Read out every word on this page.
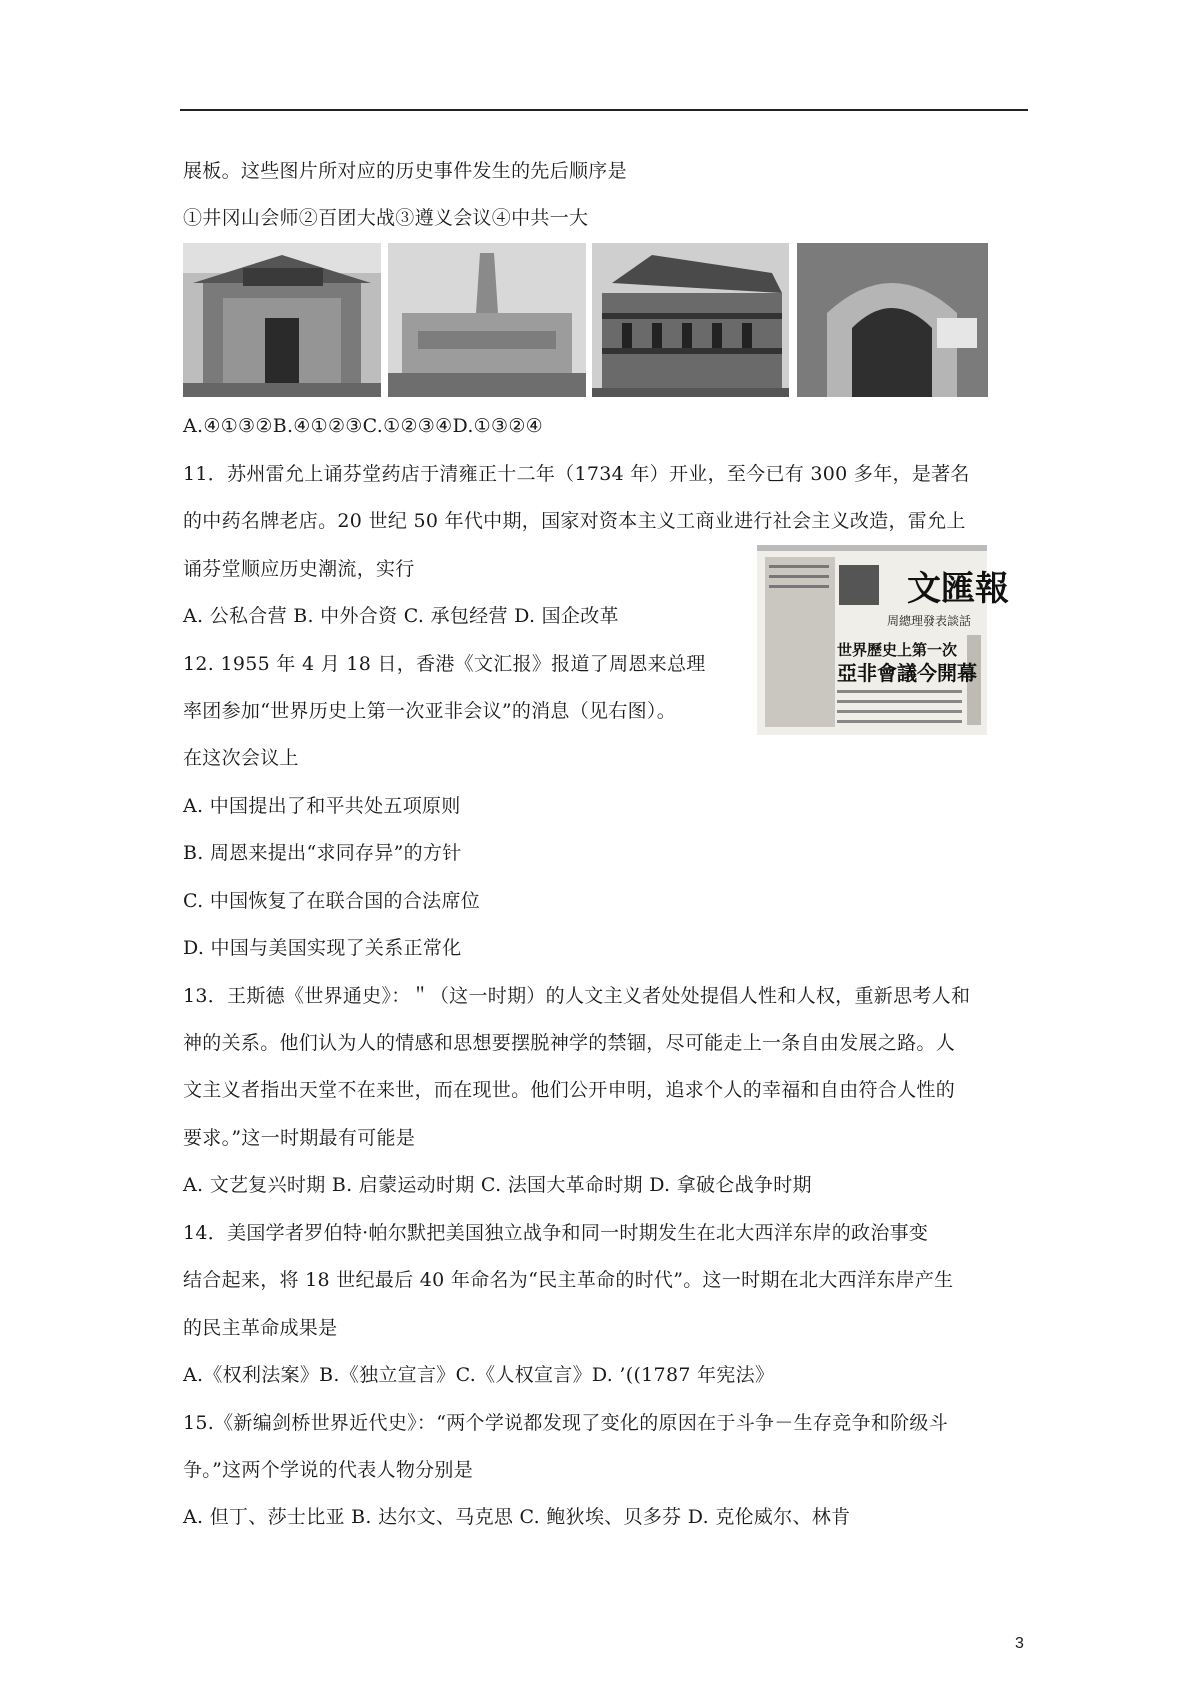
展板。这些图片所对应的历史事件发生的先后顺序是
①井冈山会师②百团大战③遵义会议④中共一大
A.④①③②B.④①②③C.①②③④D.①③②④
11．苏州雷允上诵芬堂药店于清雍正十二年（1734 年）开业，至今已有 300 多年，是著名
的中药名牌老店。20 世纪 50 年代中期，国家对资本主义工商业进行社会主义改造，雷允上
诵芬堂顺应历史潮流，实行
A. 公私合营 B. 中外合资 C. 承包经营 D. 国企改革
12. 1955 年 4 月 18 日，香港《文汇报》报道了周恩来总理
率团参加“世界历史上第一次亚非会议”的消息（见右图）。
在这次会议上
文匯報
周總理發表談話
世界歷史上第一次
亞非會議今開幕
A. 中国提出了和平共处五项原则
B. 周恩来提出“求同存异”的方针
C. 中国恢复了在联合国的合法席位
D. 中国与美国实现了关系正常化
13．王斯德《世界通史》：＂（这一时期）的人文主义者处处提倡人性和人权，重新思考人和
神的关系。他们认为人的情感和思想要摆脱神学的禁锢，尽可能走上一条自由发展之路。人
文主义者指出天堂不在来世，而在现世。他们公开申明，追求个人的幸福和自由符合人性的
要求。”这一时期最有可能是
A. 文艺复兴时期 B. 启蒙运动时期 C. 法国大革命时期 D. 拿破仑战争时期
14．美国学者罗伯特·帕尔默把美国独立战争和同一时期发生在北大西洋东岸的政治事变
结合起来，将 18 世纪最后 40 年命名为“民主革命的时代”。这一时期在北大西洋东岸产生
的民主革命成果是
A.《权利法案》B.《独立宣言》C.《人权宣言》D. ’((1787 年宪法》
15.《新编剑桥世界近代史》：“两个学说都发现了变化的原因在于斗争－生存竞争和阶级斗
争。”这两个学说的代表人物分别是
A. 但丁、莎士比亚 B. 达尔文、马克思 C. 鲍狄埃、贝多芬 D. 克伦威尔、林肯
3
